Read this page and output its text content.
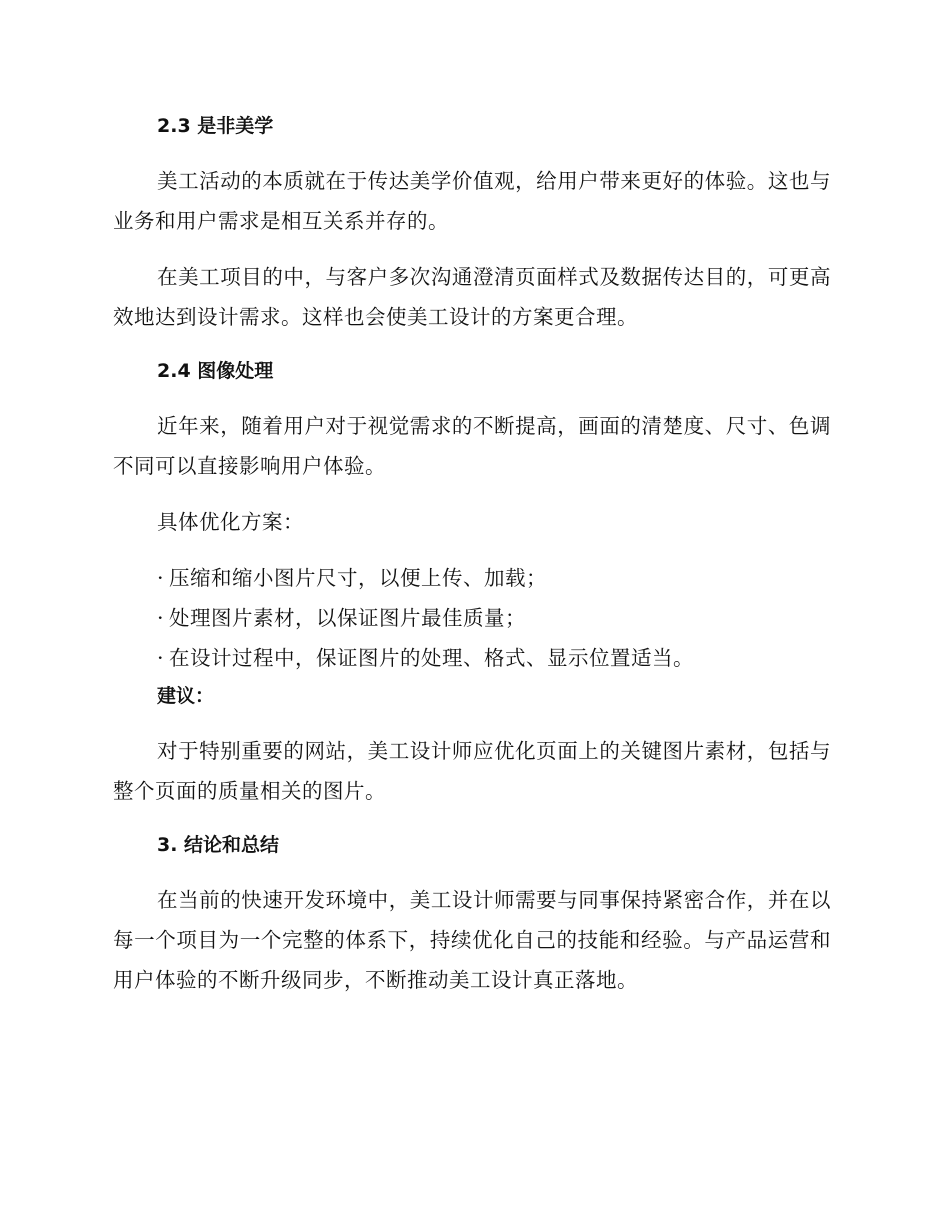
2.3 是非美学

美工活动的本质就在于传达美学价值观，给用户带来更好的体验。这也与业务和用户需求是相互关系并存的。

在美工项目的中，与客户多次沟通澄清页面样式及数据传达目的，可更高效地达到设计需求。这样也会使美工设计的方案更合理。

2.4 图像处理

近年来，随着用户对于视觉需求的不断提高，画面的清楚度、尺寸、色调不同可以直接影响用户体验。

具体优化方案：

· 压缩和缩小图片尺寸，以便上传、加载；

· 处理图片素材，以保证图片最佳质量；

· 在设计过程中，保证图片的处理、格式、显示位置适当。

建议：

对于特别重要的网站，美工设计师应优化页面上的关键图片素材，包括与整个页面的质量相关的图片。

3. 结论和总结

在当前的快速开发环境中，美工设计师需要与同事保持紧密合作，并在以每一个项目为一个完整的体系下，持续优化自己的技能和经验。与产品运营和用户体验的不断升级同步，不断推动美工设计真正落地。
